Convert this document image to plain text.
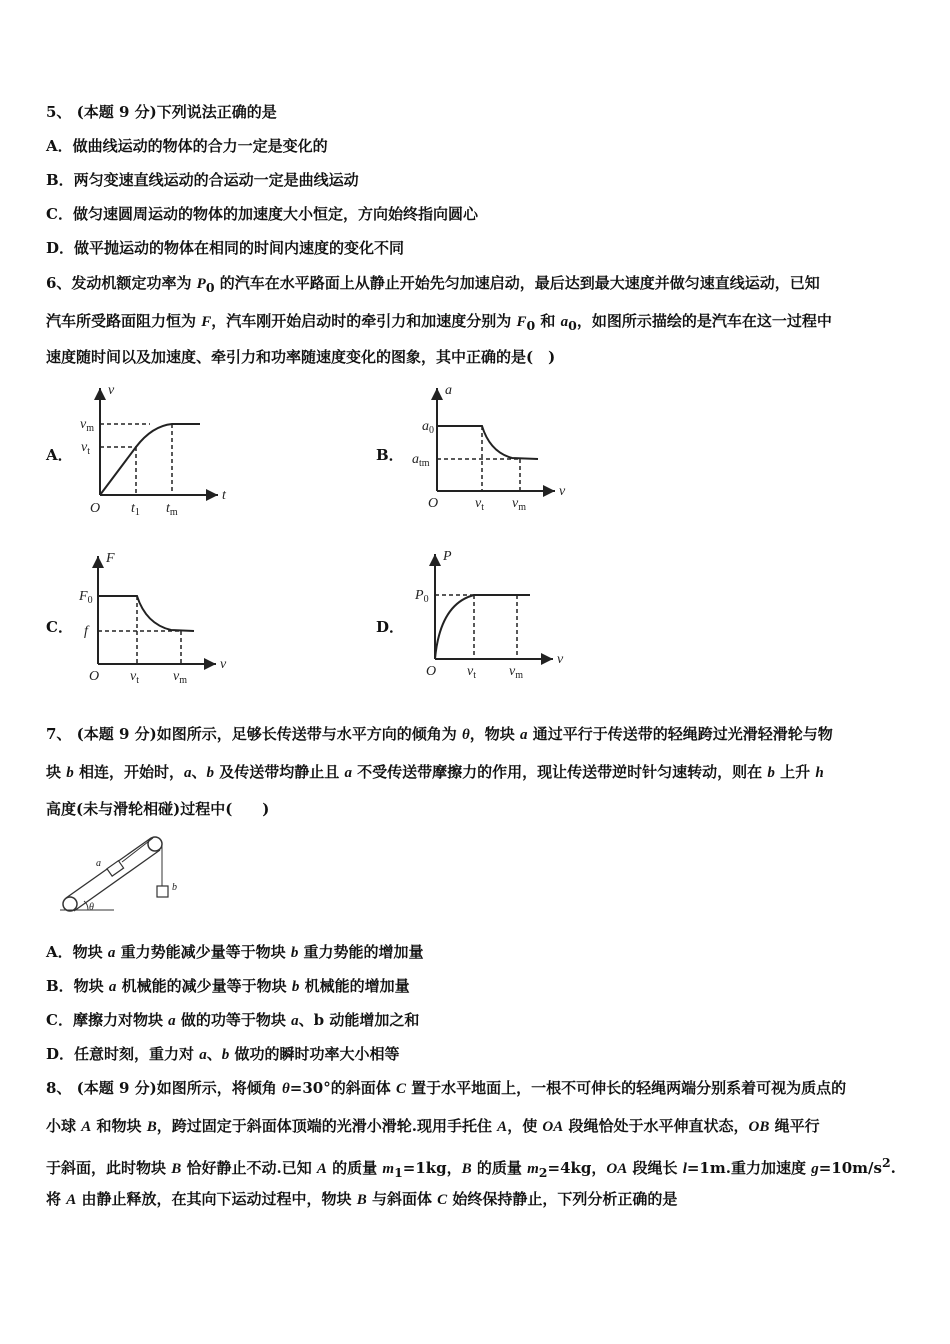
5、 (本题 9 分)下列说法正确的是
A．做曲线运动的物体的合力一定是变化的
B．两匀变速直线运动的合运动一定是曲线运动
C．做匀速圆周运动的物体的加速度大小恒定，方向始终指向圆心
D．做平抛运动的物体在相同的时间内速度的变化不同
6、发动机额定功率为 $P_0$ 的汽车在水平路面上从静止开始先匀加速启动，最后达到最大速度并做匀速直线运动，已知
汽车所受路面阻力恒为 F，汽车刚开始启动时的牵引力和加速度分别为 $F_0$ 和 $a_0$，如图所示描绘的是汽车在这一过程中
速度随时间以及加速度、牵引力和功率随速度变化的图象，其中正确的是(　)
A．	B．
C．	D．
v
$v_m$
$v_t$
O $t_1$ $t_m$
t
a
$a_0$
$a_{tm}$
O	$v_t$ $v_m$
v
F
$F_0$
f
O $v_t$ $v_m$
v
P
$P_0$
O $v_t$ $v_m$
v
7、 (本题 9 分)如图所示，足够长传送带与水平方向的倾角为 θ，物块 a 通过平行于传送带的轻绳跨过光滑轻滑轮与物
块 b 相连，开始时，a、b 及传送带均静止且 a 不受传送带摩擦力的作用，现让传送带逆时针匀速转动，则在 b 上升 h
高度(未与滑轮相碰)过程中(　　)
a
b
θ
A．物块 a 重力势能减少量等于物块 b 重力势能的增加量
B．物块 a 机械能的减少量等于物块 b 机械能的增加量
C．摩擦力对物块 a 做的功等于物块 a、b 动能增加之和
D．任意时刻，重力对 a、b 做功的瞬时功率大小相等
8、 (本题 9 分)如图所示，将倾角 θ=30°的斜面体 C 置于水平地面上，一根不可伸长的轻绳两端分别系着可视为质点的
小球 A 和物块 B，跨过固定于斜面体顶端的光滑小滑轮.现用手托住 A，使 OA 段绳恰处于水平伸直状态，OB 绳平行
于斜面，此时物块 B 恰好静止不动.已知 A 的质量 $m_1=1kg$，B 的质量 $m_2=4kg$，OA 段绳长 l=1m.重力加速度 $g=10m/s^2$.
将 A 由静止释放，在其向下运动过程中，物块 B 与斜面体 C 始终保持静止，下列分析正确的是
